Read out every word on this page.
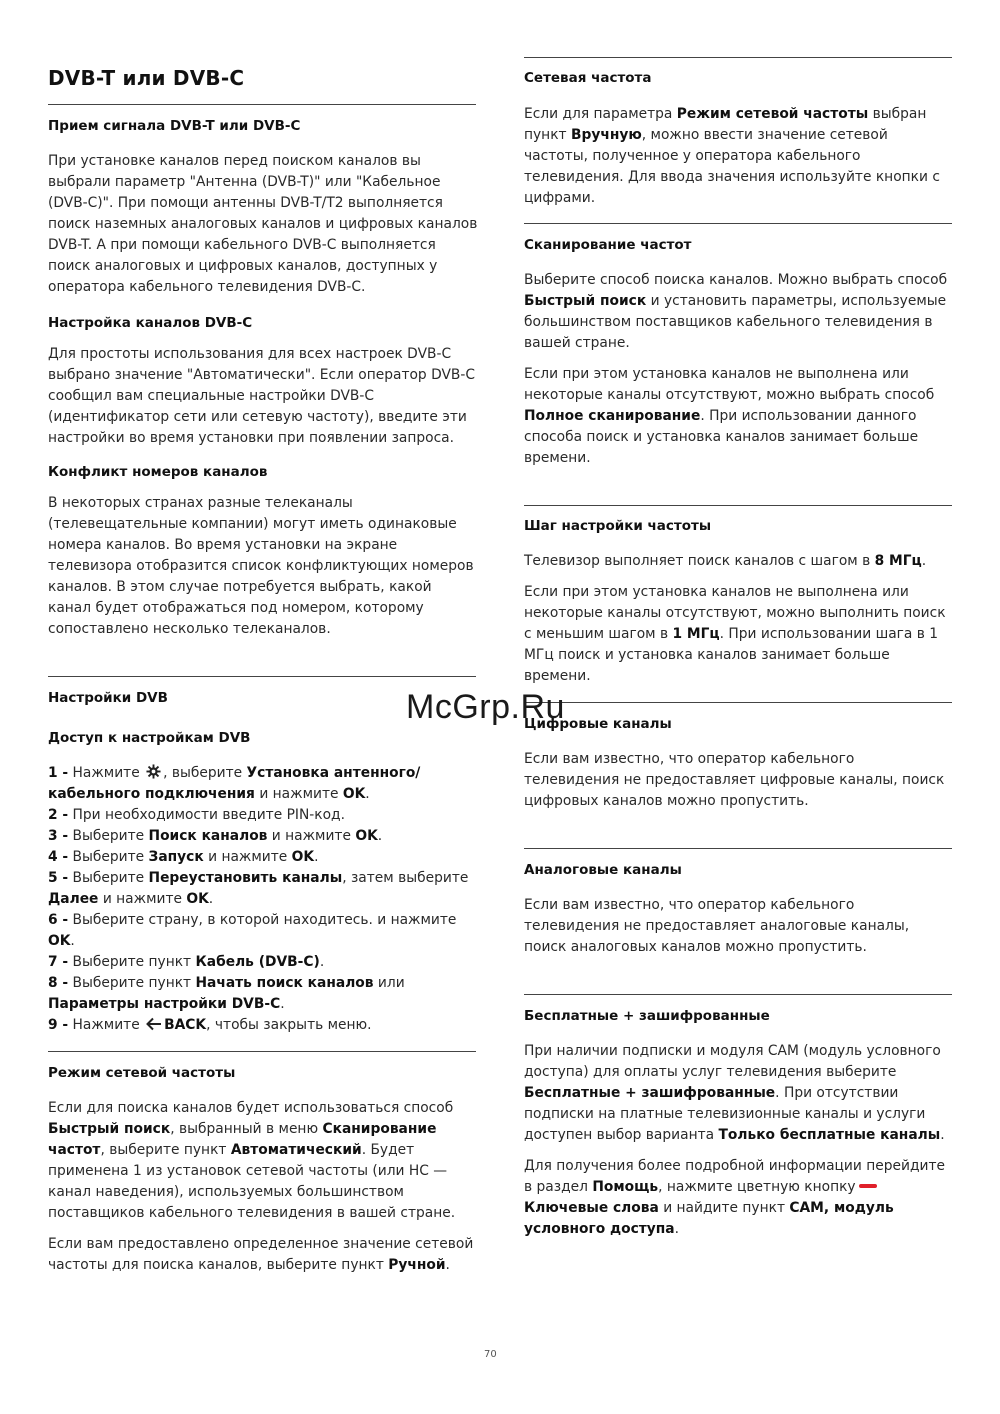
DVB-T или DVB-C
Прием сигнала DVB-T или DVB-C

При установке каналов перед поиском каналов вы выбрали параметр "Антенна (DVB-T)" или "Кабельное (DVB-C)". При помощи антенны DVB-T/T2 выполняется поиск наземных аналоговых каналов и цифровых каналов DVB-T. А при помощи кабельного DVB-C выполняется поиск аналоговых и цифровых каналов, доступных у оператора кабельного телевидения DVB-C.

Настройка каналов DVB-C

Для простоты использования для всех настроек DVB-C выбрано значение "Автоматически". Если оператор DVB-C сообщил вам специальные настройки DVB-C (идентификатор сети или сетевую частоту), введите эти настройки во время установки при появлении запроса.

Конфликт номеров каналов

В некоторых странах разные телеканалы (телевещательные компании) могут иметь одинаковые номера каналов. Во время установки на экране телевизора отобразится список конфликтующих номеров каналов. В этом случае потребуется выбрать, какой канал будет отображаться под номером, которому сопоставлено несколько телеканалов.

Настройки DVB
Доступ к настройкам DVB
1 - Нажмите , выберите Установка антенного/кабельного подключения и нажмите OK.
2 - При необходимости введите PIN-код.
3 - Выберите Поиск каналов и нажмите OK.
4 - Выберите Запуск и нажмите OK.
5 - Выберите Переустановить каналы, затем выберите Далее и нажмите OK.
6 - Выберите страну, в которой находитесь. и нажмите OK.
7 - Выберите пункт Кабель (DVB-C).
8 - Выберите пункт Начать поиск каналов или Параметры настройки DVB-C.
9 - Нажмите BACK, чтобы закрыть меню.
Режим сетевой частоты

Если для поиска каналов будет использоваться способ Быстрый поиск, выбранный в меню Сканирование частот, выберите пункт Автоматический. Будет применена 1 из установок сетевой частоты (или HC — канал наведения), используемых большинством поставщиков кабельного телевидения в вашей стране.

Если вам предоставлено определенное значение сетевой частоты для поиска каналов, выберите пункт Ручной.

Сетевая частота

Если для параметра Режим сетевой частоты выбран пункт Вручную, можно ввести значение сетевой частоты, полученное у оператора кабельного телевидения. Для ввода значения используйте кнопки с цифрами.

Сканирование частот

Выберите способ поиска каналов. Можно выбрать способ Быстрый поиск и установить параметры, используемые большинством поставщиков кабельного телевидения в вашей стране.

Если при этом установка каналов не выполнена или некоторые каналы отсутствуют, можно выбрать способ Полное сканирование. При использовании данного способа поиск и установка каналов занимает больше времени.

Шаг настройки частоты

Телевизор выполняет поиск каналов с шагом в 8 МГц.

Если при этом установка каналов не выполнена или некоторые каналы отсутствуют, можно выполнить поиск с меньшим шагом в 1 МГц. При использовании шага в 1 МГц поиск и установка каналов занимает больше времени.

Цифровые каналы

Если вам известно, что оператор кабельного телевидения не предоставляет цифровые каналы, поиск цифровых каналов можно пропустить.

Аналоговые каналы

Если вам известно, что оператор кабельного телевидения не предоставляет аналоговые каналы, поиск аналоговых каналов можно пропустить.

Бесплатные + зашифрованные

При наличии подписки и модуля CAM (модуль условного доступа) для оплаты услуг телевидения выберите Бесплатные + зашифрованные. При отсутствии подписки на платные телевизионные каналы и услуги доступен выбор варианта Только бесплатные каналы.

Для получения более подробной информации перейдите в раздел Помощь, нажмите цветную кнопкуКлючевые слова и найдите пункт CAM, модуль условного доступа.

McGrp.Ru
70
